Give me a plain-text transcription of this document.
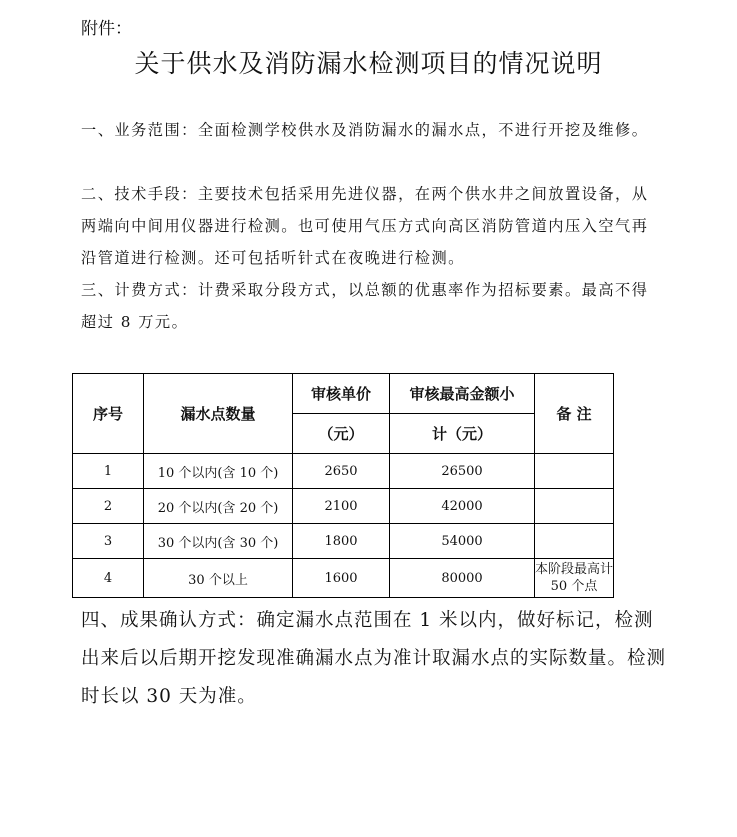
附件：
关于供水及消防漏水检测项目的情况说明

一、业务范围：全面检测学校供水及消防漏水的漏水点，不进行开挖及维修。

二、技术手段：主要技术包括采用先进仪器，在两个供水井之间放置设备，从两端向中间用仪器进行检测。也可使用气压方式向高区消防管道内压入空气再沿管道进行检测。还可包括听针式在夜晚进行检测。

三、计费方式：计费采取分段方式，以总额的优惠率作为招标要素。最高不得超过 8 万元。

序号	漏水点数量	审核单价	审核最高金额小	备 注
		（元）	计（元）	
1	10 个以内(含 10 个)	2650	26500	
2	20 个以内(含 20 个)	2100	42000	
3	30 个以内(含 30 个)	1800	54000	
4	30 个以上	1600	80000	本阶段最高计 50 个点

四、成果确认方式：确定漏水点范围在 1 米以内，做好标记，检测出来后以后期开挖发现准确漏水点为准计取漏水点的实际数量。检测时长以 30 天为准。
